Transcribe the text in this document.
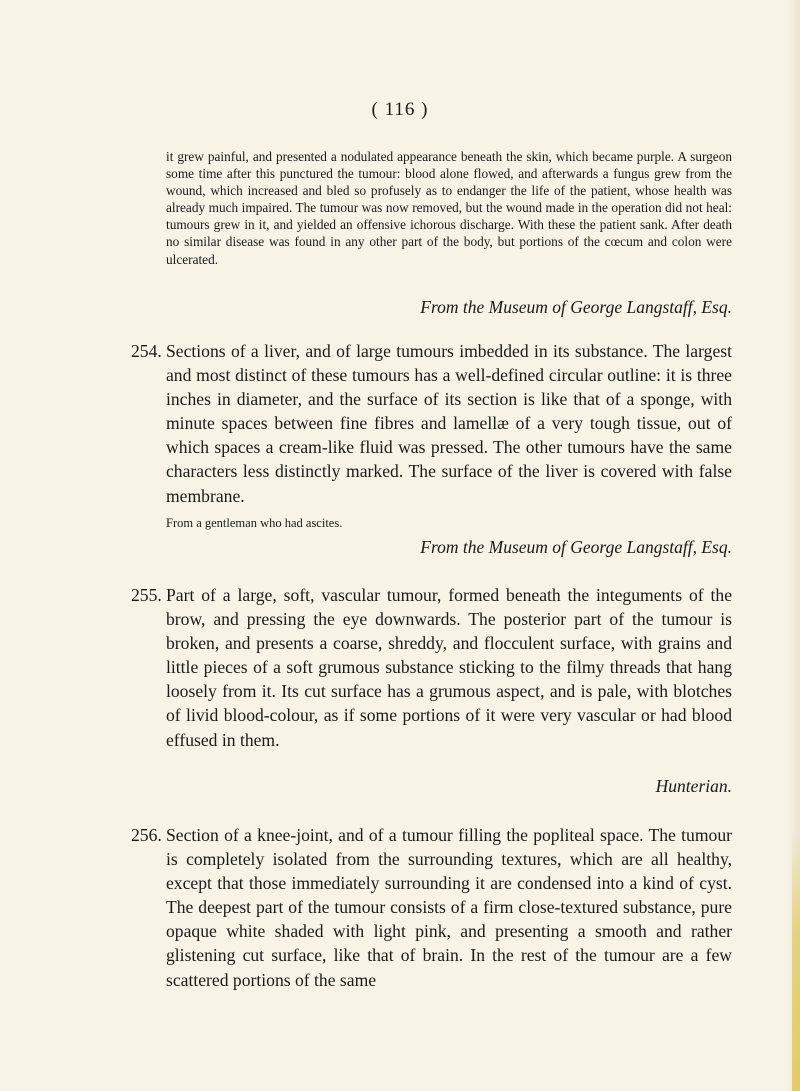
( 116 )
it grew painful, and presented a nodulated appearance beneath the skin, which became purple. A surgeon some time after this punctured the tumour: blood alone flowed, and afterwards a fungus grew from the wound, which increased and bled so profusely as to endanger the life of the patient, whose health was already much impaired. The tumour was now removed, but the wound made in the operation did not heal: tumours grew in it, and yielded an offensive ichorous discharge. With these the patient sank. After death no similar disease was found in any other part of the body, but portions of the cœcum and colon were ulcerated.
From the Museum of George Langstaff, Esq.
254. Sections of a liver, and of large tumours imbedded in its substance. The largest and most distinct of these tumours has a well-defined circular outline: it is three inches in diameter, and the surface of its section is like that of a sponge, with minute spaces between fine fibres and lamellæ of a very tough tissue, out of which spaces a cream-like fluid was pressed. The other tumours have the same characters less distinctly marked. The surface of the liver is covered with false membrane.
From a gentleman who had ascites.
From the Museum of George Langstaff, Esq.
255. Part of a large, soft, vascular tumour, formed beneath the integuments of the brow, and pressing the eye downwards. The posterior part of the tumour is broken, and presents a coarse, shreddy, and flocculent surface, with grains and little pieces of a soft grumous substance sticking to the filmy threads that hang loosely from it. Its cut surface has a grumous aspect, and is pale, with blotches of livid blood-colour, as if some portions of it were very vascular or had blood effused in them.
Hunterian.
256. Section of a knee-joint, and of a tumour filling the popliteal space. The tumour is completely isolated from the surrounding textures, which are all healthy, except that those immediately surrounding it are condensed into a kind of cyst. The deepest part of the tumour consists of a firm close-textured substance, pure opaque white shaded with light pink, and presenting a smooth and rather glistening cut surface, like that of brain. In the rest of the tumour are a few scattered portions of the same
